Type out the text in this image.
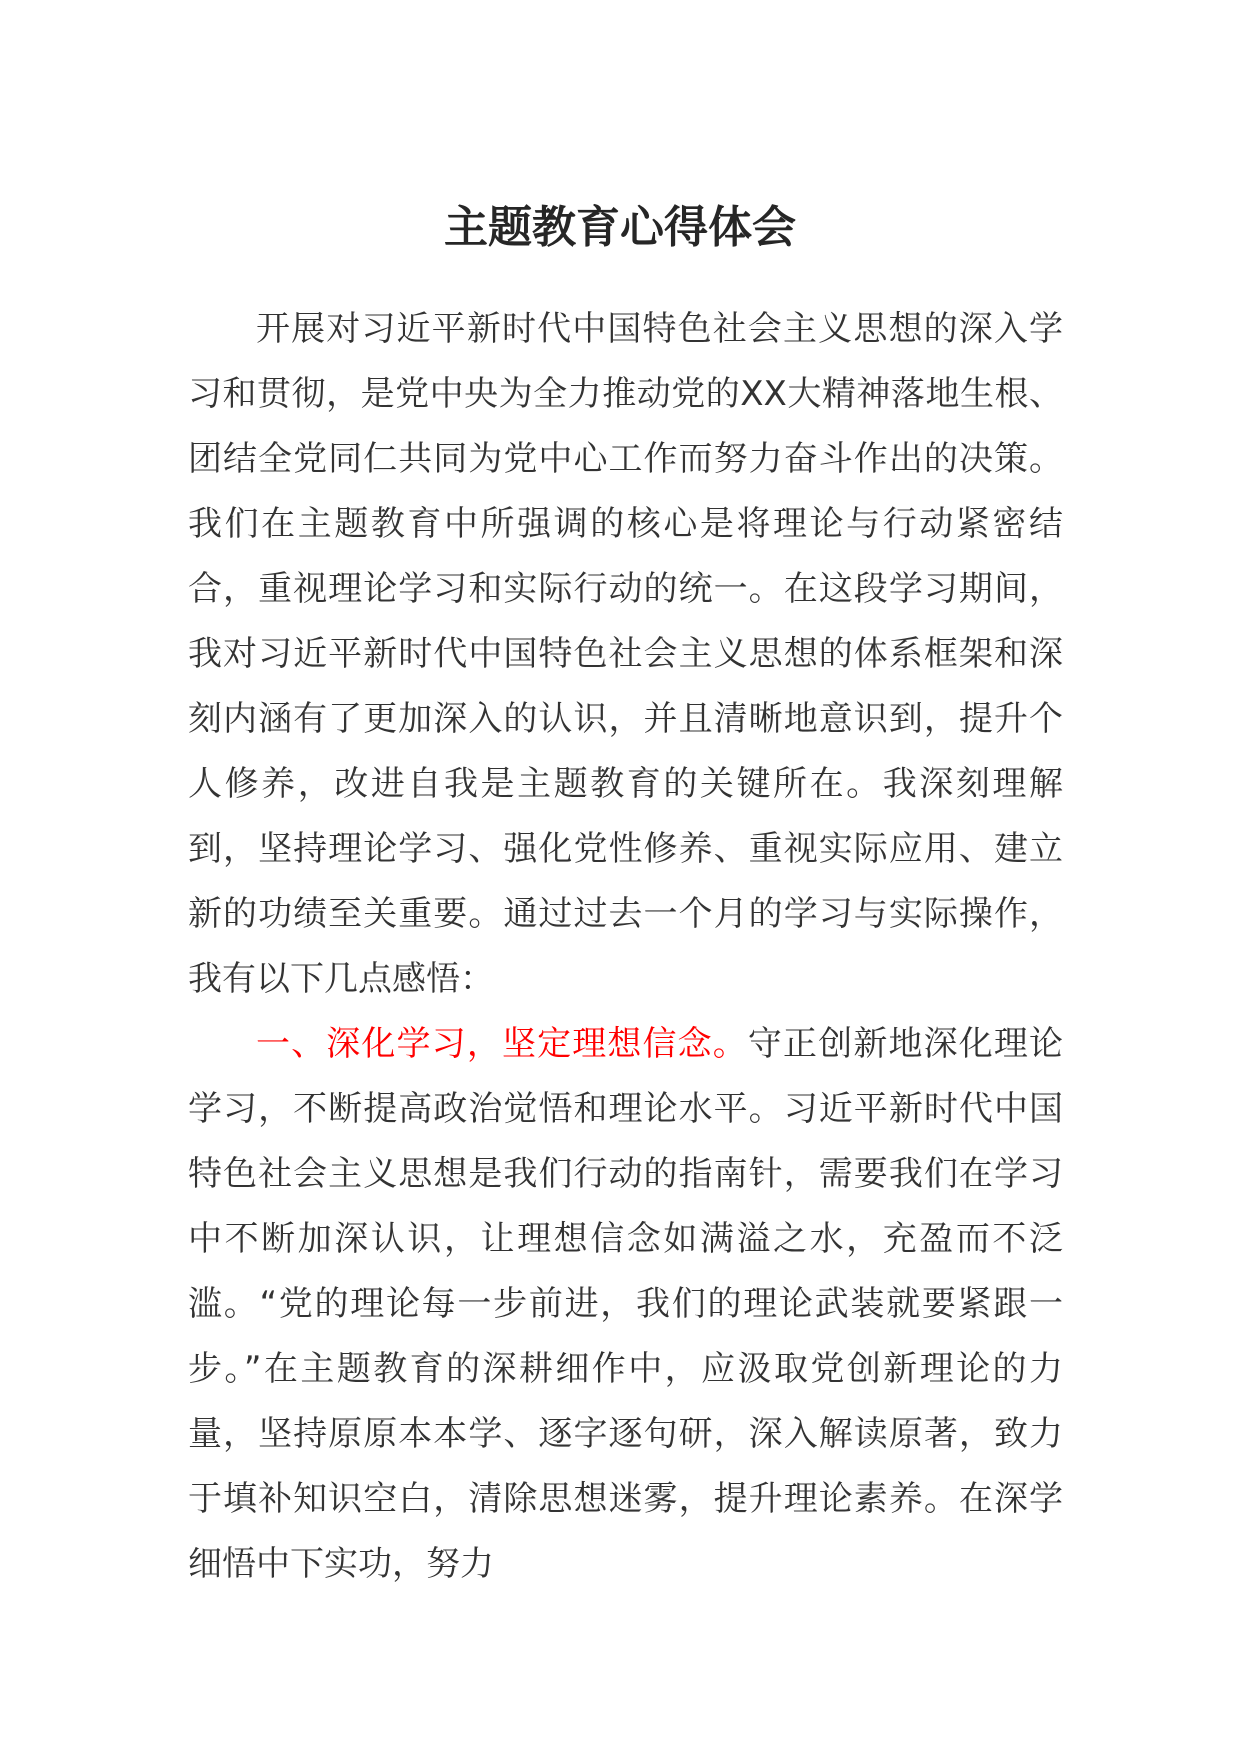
主题教育心得体会

开展对习近平新时代中国特色社会主义思想的深入学习和贯彻，是党中央为全力推动党的XX大精神落地生根、团结全党同仁共同为党中心工作而努力奋斗作出的决策。我们在主题教育中所强调的核心是将理论与行动紧密结合，重视理论学习和实际行动的统一。在这段学习期间，我对习近平新时代中国特色社会主义思想的体系框架和深刻内涵有了更加深入的认识，并且清晰地意识到，提升个人修养，改进自我是主题教育的关键所在。我深刻理解到，坚持理论学习、强化党性修养、重视实际应用、建立新的功绩至关重要。通过过去一个月的学习与实际操作，我有以下几点感悟：

一、深化学习，坚定理想信念。守正创新地深化理论学习，不断提高政治觉悟和理论水平。习近平新时代中国特色社会主义思想是我们行动的指南针，需要我们在学习中不断加深认识，让理想信念如满溢之水，充盈而不泛滥。“党的理论每一步前进，我们的理论武装就要紧跟一步。”在主题教育的深耕细作中，应汲取党创新理论的力量，坚持原原本本学、逐字逐句研，深入解读原著，致力于填补知识空白，清除思想迷雾，提升理论素养。在深学细悟中下实功，努力
